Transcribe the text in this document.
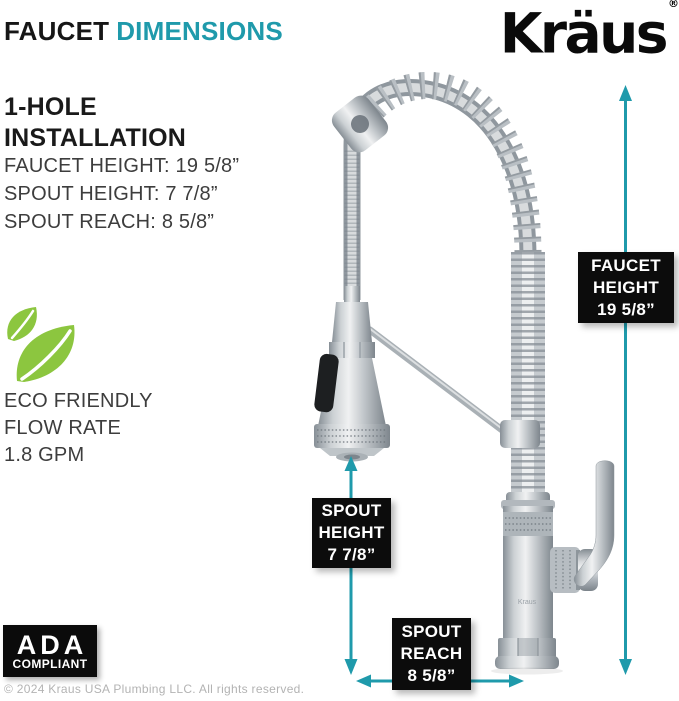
FAUCET DIMENSIONS	Kräus ®
1-HOLE
INSTALLATION
FAUCET HEIGHT: 19 5/8”
SPOUT HEIGHT: 7 7/8”
SPOUT REACH: 8 5/8”
ECO FRIENDLY
FLOW RATE
1.8 GPM
ADA
COMPLIANT
© 2024 Kraus USA Plumbing LLC. All rights reserved.
Kraus
FAUCET
HEIGHT
19 5/8”
SPOUT
HEIGHT
7 7/8”
SPOUT
REACH
8 5/8”
